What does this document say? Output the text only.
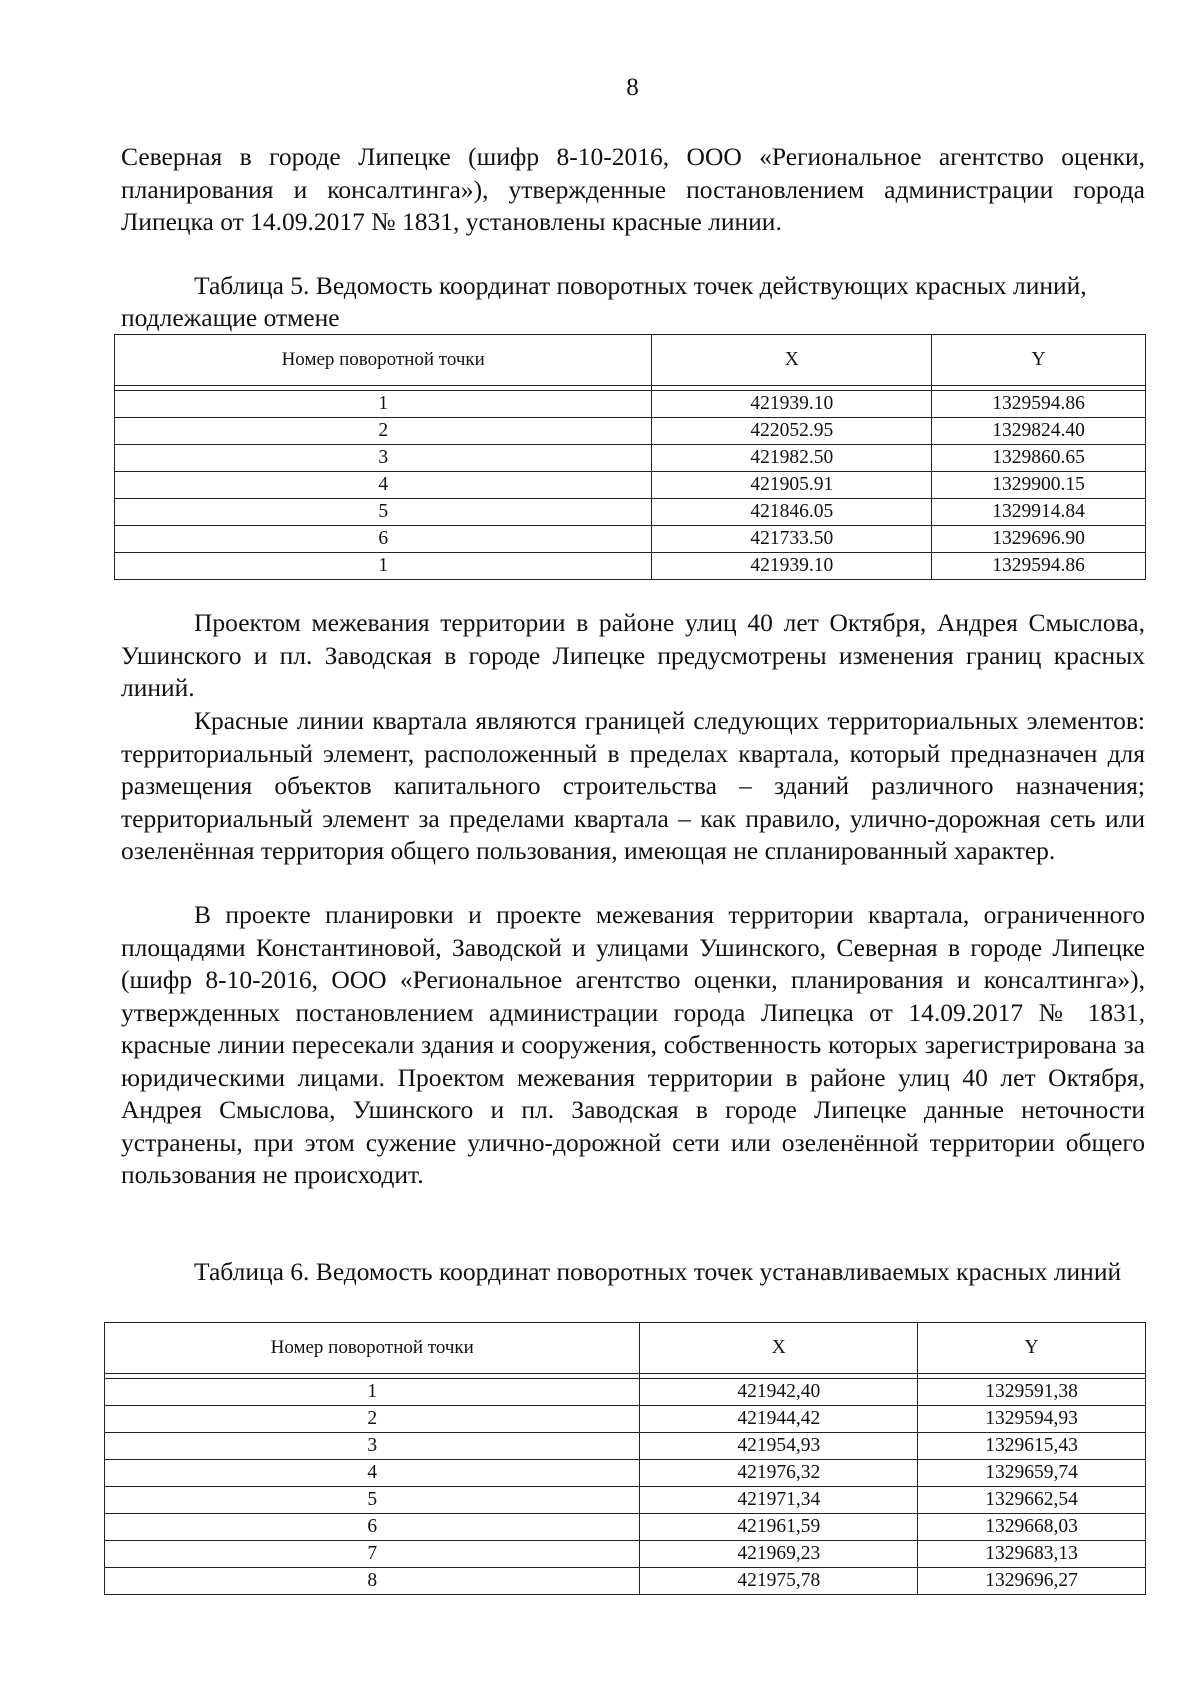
8

Северная в городе Липецке (шифр 8-10-2016, ООО «Региональное агентство оценки, планирования и консалтинга»), утвержденные постановлением администрации города Липецка от 14.09.2017 № 1831, установлены красные линии.

Таблица 5. Ведомость координат поворотных точек действующих красных линий, подлежащие отмене

Номер поворотной точки	X	Y

1	421939.10	1329594.86
2	422052.95	1329824.40
3	421982.50	1329860.65
4	421905.91	1329900.15
5	421846.05	1329914.84
6	421733.50	1329696.90
1	421939.10	1329594.86

Проектом межевания территории в районе улиц 40 лет Октября, Андрея Смыслова, Ушинского и пл. Заводская в городе Липецке предусмотрены изменения границ красных линий.

Красные линии квартала являются границей следующих территориальных элементов: территориальный элемент, расположенный в пределах квартала, который предназначен для размещения объектов капитального строительства – зданий различного назначения; территориальный элемент за пределами квартала – как правило, улично-дорожная сеть или озеленённая территория общего пользования, имеющая не спланированный характер.

В проекте планировки и проекте межевания территории квартала, ограниченного площадями Константиновой, Заводской и улицами Ушинского, Северная в городе Липецке (шифр 8-10-2016, ООО «Региональное агентство оценки, планирования и консалтинга»), утвержденных постановлением администрации города Липецка от 14.09.2017 № 1831, красные линии пересекали здания и сооружения, собственность которых зарегистрирована за юридическими лицами. Проектом межевания территории в районе улиц 40 лет Октября, Андрея Смыслова, Ушинского и пл. Заводская в городе Липецке данные неточности устранены, при этом сужение улично-дорожной сети или озеленённой территории общего пользования не происходит.

Таблица 6. Ведомость координат поворотных точек устанавливаемых красных линий

Номер поворотной точки	X	Y

1	421942,40	1329591,38
2	421944,42	1329594,93
3	421954,93	1329615,43
4	421976,32	1329659,74
5	421971,34	1329662,54
6	421961,59	1329668,03
7	421969,23	1329683,13
8	421975,78	1329696,27
